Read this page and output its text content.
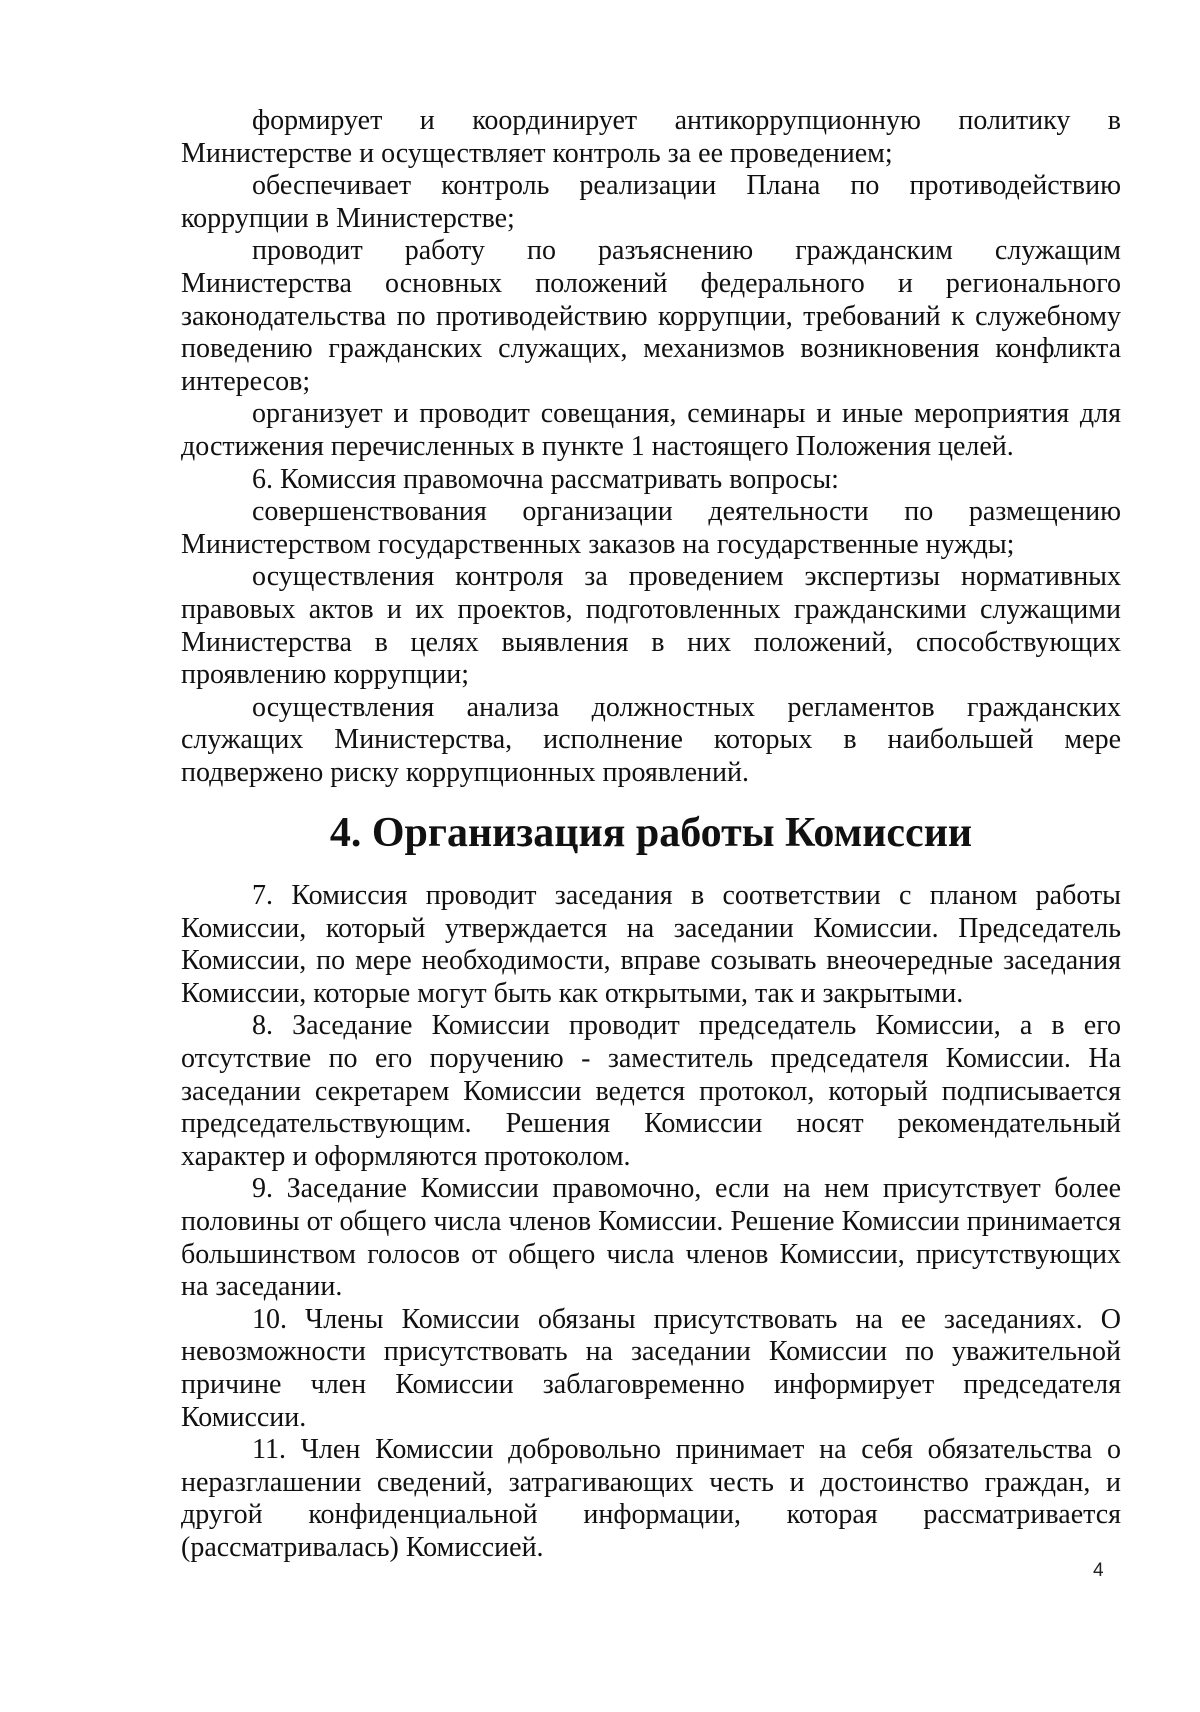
формирует и координирует антикоррупционную политику в Министерстве и осуществляет контроль за ее проведением;

обеспечивает контроль реализации Плана по противодействию коррупции в Министерстве;

проводит работу по разъяснению гражданским служащим Министерства основных положений федерального и регионального законодательства по противодействию коррупции, требований к служебному поведению гражданских служащих, механизмов возникновения конфликта интересов;

организует и проводит совещания, семинары и иные мероприятия для достижения перечисленных в пункте 1 настоящего Положения целей.

6. Комиссия правомочна рассматривать вопросы:

совершенствования организации деятельности по размещению Министерством государственных заказов на государственные нужды;

осуществления контроля за проведением экспертизы нормативных правовых актов и их проектов, подготовленных гражданскими служащими Министерства в целях выявления в них положений, способствующих проявлению коррупции;

осуществления анализа должностных регламентов гражданских служащих Министерства, исполнение которых в наибольшей мере подвержено риску коррупционных проявлений.

4. Организация работы Комиссии

7. Комиссия проводит заседания в соответствии с планом работы Комиссии, который утверждается на заседании Комиссии. Председатель Комиссии, по мере необходимости, вправе созывать внеочередные заседания Комиссии, которые могут быть как открытыми, так и закрытыми.

8. Заседание Комиссии проводит председатель Комиссии, а в его отсутствие по его поручению - заместитель председателя Комиссии. На заседании секретарем Комиссии ведется протокол, который подписывается председательствующим. Решения Комиссии носят рекомендательный характер и оформляются протоколом.

9. Заседание Комиссии правомочно, если на нем присутствует более половины от общего числа членов Комиссии. Решение Комиссии принимается большинством голосов от общего числа членов Комиссии, присутствующих на заседании.

10. Члены Комиссии обязаны присутствовать на ее заседаниях. О невозможности присутствовать на заседании Комиссии по уважительной причине член Комиссии заблаговременно информирует председателя Комиссии.

11. Член Комиссии добровольно принимает на себя обязательства о неразглашении сведений, затрагивающих честь и достоинство граждан, и другой конфиденциальной информации, которая рассматривается (рассматривалась) Комиссией.

4
